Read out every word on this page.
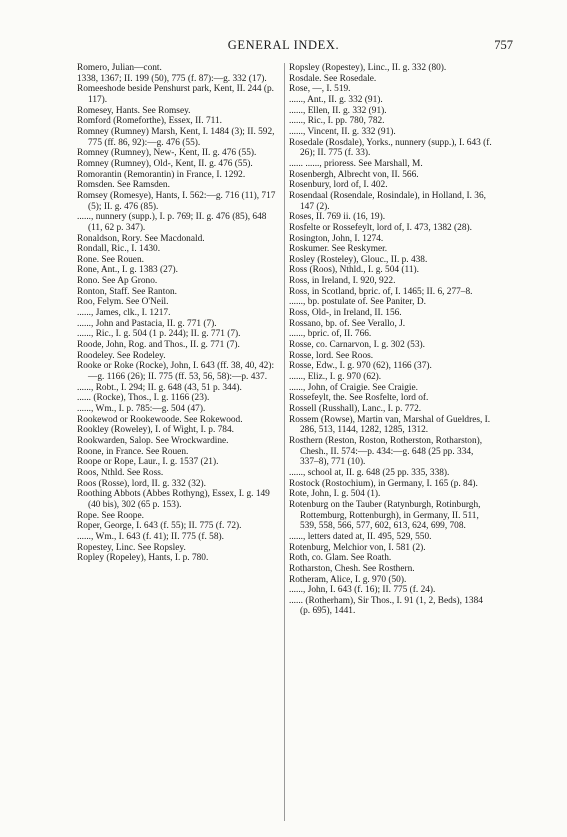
GENERAL INDEX.	757
Romero, Julian—cont.
1338, 1367; II. 199 (50), 775 (f. 87):—g. 332 (17).
Romeeshode beside Penshurst park, Kent, II. 244 (p. 117).
Romesey, Hants. See Romsey.
Romford (Romeforthe), Essex, II. 711.
Romney (Rumney) Marsh, Kent, I. 1484 (3); II. 592, 775 (ff. 86, 92):—g. 476 (55).
Romney (Rumney), New-, Kent, II. g. 476 (55).
Romney (Rumney), Old-, Kent, II. g. 476 (55).
Romorantin (Remorantin) in France, I. 1292.
Romsden. See Ramsden.
Romsey (Romesye), Hants, I. 562:—g. 716 (11), 717 (5); II. g. 476 (85).
......, nunnery (supp.), I. p. 769; II. g. 476 (85), 648 (11, 62 p. 347).
Ronaldson, Rory. See Macdonald.
Rondall, Ric., I. 1430.
Rone. See Rouen.
Rone, Ant., I. g. 1383 (27).
Rono. See Ap Grono.
Ronton, Staff. See Ranton.
Roo, Felym. See O'Neil.
......, James, clk., I. 1217.
......, John and Pastacia, II. g. 771 (7).
......, Ric., I. g. 504 (1 p. 244); II. g. 771 (7).
Roode, John, Rog. and Thos., II. g. 771 (7).
Roodeley. See Rodeley.
Rooke or Roke (Rocke), John, I. 643 (ff. 38, 40, 42):—g. 1166 (26); II. 775 (ff. 53, 56, 58):—p. 437.
......, Robt., I. 294; II. g. 648 (43, 51 p. 344).
...... (Rocke), Thos., I. g. 1166 (23).
......, Wm., I. p. 785:—g. 504 (47).
Rookewod or Rookewoode. See Rokewood.
Rookley (Roweley), I. of Wight, I. p. 784.
Rookwarden, Salop. See Wrockwardine.
Roone, in France. See Rouen.
Roope or Rope, Laur., I. g. 1537 (21).
Roos, Nthld. See Ross.
Roos (Rosse), lord, II. g. 332 (32).
Roothing Abbots (Abbes Rothyng), Essex, I. g. 149 (40 bis), 302 (65 p. 153).
Rope. See Roope.
Roper, George, I. 643 (f. 55); II. 775 (f. 72).
......, Wm., I. 643 (f. 41); II. 775 (f. 58).
Ropestey, Linc. See Ropsley.
Ropley (Ropeley), Hants, I. p. 780.
Ropsley (Ropestey), Linc., II. g. 332 (80).
Rosdale. See Rosedale.
Rose, —, I. 519.
......, Ant., II. g. 332 (91).
......, Ellen, II. g. 332 (91).
......, Ric., I. pp. 780, 782.
......, Vincent, II. g. 332 (91).
Rosedale (Rosdale), Yorks., nunnery (supp.), I. 643 (f. 26); II. 775 (f. 33).
...... ......, prioress. See Marshall, M.
Rosenbergh, Albrecht von, II. 566.
Rosenbury, lord of, I. 402.
Rosendaal (Rosendale, Rosindale), in Holland, I. 36, 147 (2).
Roses, II. 769 ii. (16, 19).
Rosfelte or Rossefeylt, lord of, I. 473, 1382 (28).
Rosington, John, I. 1274.
Roskumer. See Reskymer.
Rosley (Rosteley), Glouc., II. p. 438.
Ross (Roos), Nthld., I. g. 504 (11).
Ross, in Ireland, I. 920, 922.
Ross, in Scotland, bpric. of, I. 1465; II. 6, 277–8.
......, bp. postulate of. See Paniter, D.
Ross, Old-, in Ireland, II. 156.
Rossano, bp. of. See Verallo, J.
......, bpric. of, II. 766.
Rosse, co. Carnarvon, I. g. 302 (53).
Rosse, lord. See Roos.
Rosse, Edw., I. g. 970 (62), 1166 (37).
......, Eliz., I. g. 970 (62).
......, John, of Craigie. See Craigie.
Rossefeylt, the. See Rosfelte, lord of.
Rossell (Russhall), Lanc., I. p. 772.
Rossem (Rowse), Martin van, Marshal of Gueldres, I. 286, 513, 1144, 1282, 1285, 1312.
Rosthern (Reston, Roston, Rotherston, Rotharston), Chesh., II. 574:—p. 434:—g. 648 (25 pp. 334, 337–8), 771 (10).
......, school at, II. g. 648 (25 pp. 335, 338).
Rostock (Rostochium), in Germany, I. 165 (p. 84).
Rote, John, I. g. 504 (1).
Rotenburg on the Tauber (Ratynburgh, Rotinburgh, Rottemburg, Rottenburgh), in Germany, II. 511, 539, 558, 566, 577, 602, 613, 624, 699, 708.
......, letters dated at, II. 495, 529, 550.
Rotenburg, Melchior von, I. 581 (2).
Roth, co. Glam. See Roath.
Rotharston, Chesh. See Rosthern.
Rotheram, Alice, I. g. 970 (50).
......, John, I. 643 (f. 16); II. 775 (f. 24).
...... (Rotherham), Sir Thos., I. 91 (1, 2, Beds), 1384 (p. 695), 1441.
